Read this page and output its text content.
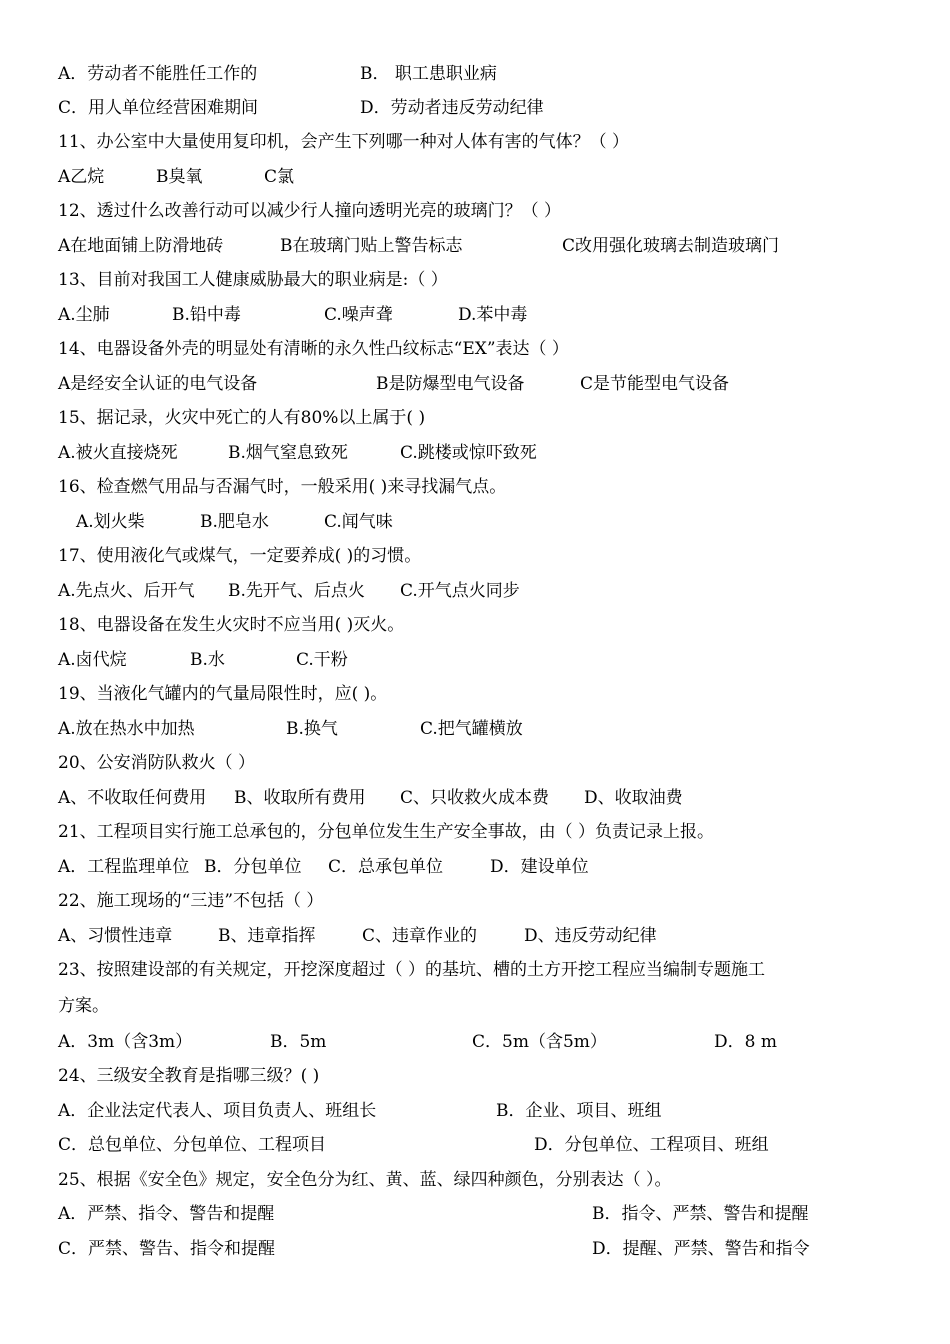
A．劳动者不能胜任工作的	B． 职工患职业病
C．用人单位经营困难期间	D．劳动者违反劳动纪律
11、办公室中大量使用复印机，会产生下列哪一种对人体有害的气体？（ ）
A乙烷	B臭氧	C氯
12、透过什么改善行动可以减少行人撞向透明光亮的玻璃门？（ ）
A在地面铺上防滑地砖	B在玻璃门贴上警告标志	C改用强化玻璃去制造玻璃门
13、目前对我国工人健康威胁最大的职业病是:（ ）
A.尘肺	B.铅中毒	C.噪声聋	D.苯中毒
14、电器设备外壳的明显处有清晰的永久性凸纹标志“EX”表达（ ）
A是经安全认证的电气设备	B是防爆型电气设备	C是节能型电气设备
15、据记录，火灾中死亡的人有80%以上属于( )
A.被火直接烧死	B.烟气窒息致死	C.跳楼或惊吓致死
16、检查燃气用品与否漏气时，一般采用( )来寻找漏气点。
A.划火柴	B.肥皂水	C.闻气味
17、使用液化气或煤气，一定要养成( )的习惯。
A.先点火、后开气 B.先开气、后点火 C.开气点火同步
18、电器设备在发生火灾时不应当用( )灭火。
A.卤代烷	B.水	C.干粉
19、当液化气罐内的气量局限性时，应( )。
A.放在热水中加热	B.换气	C.把气罐横放
20、公安消防队救火（ ）
A、不收取任何费用 B、收取所有费用 C、只收救火成本费 D、收取油费
21、工程项目实行施工总承包的，分包单位发生生产安全事故，由（ ）负责记录上报。
A．工程监理单位 B．分包单位 C．总承包单位	D．建设单位
22、施工现场的“三违”不包括（ ）
A、习惯性违章	B、违章指挥	C、违章作业的	D、违反劳动纪律
23、按照建设部的有关规定，开挖深度超过（ ）的基坑、槽的土方开挖工程应当编制专题施工
方案。
A．3m（含3m）	B．5m	C．5m（含5m）	D．8 m
24、三级安全教育是指哪三级？( )
A．企业法定代表人、项目负责人、班组长	B．企业、项目、班组
C．总包单位、分包单位、工程项目	D．分包单位、工程项目、班组
25、根据《安全色》规定，安全色分为红、黄、蓝、绿四种颜色，分别表达（ ）。
A．严禁、指令、警告和提醒	B．指令、严禁、警告和提醒
C．严禁、警告、指令和提醒	D．提醒、严禁、警告和指令
